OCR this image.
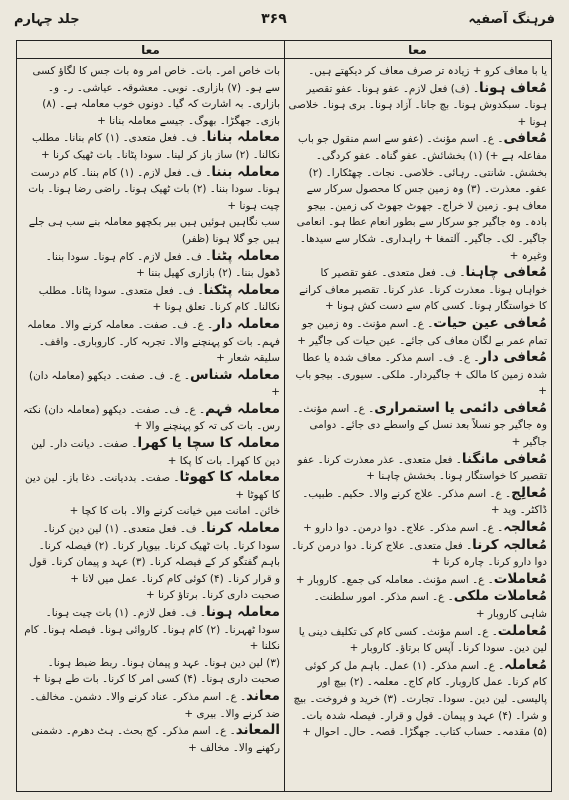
جلد چہارم	۳۶۹	فرہنگ آصفیہ
معا	معا

یا با معاف کرو + زیادہ تر صرف معاف کر دیکھتے ہیں۔

مُعاف ہونا۔ (ف) فعل لازم۔ عفو ہونا۔ عفو تقصیر ہونا۔ سبکدوش ہونا۔ بچ جانا۔ آزاد ہونا۔ بری ہونا۔ خلاصی ہونا +

مُعافی۔ ع۔ اسم مؤنث۔ (عفو سے اسم منقول جو باب مفاعلہ ہے +) (۱) بخشائش۔ عفو گناہ۔ عفو کردگی۔ بخشش۔ شانتی۔ رہائی۔ خلاصی۔ نجات۔ چھٹکارا۔ (۲) عفو۔ معذرت۔ (۳) وہ زمین جس کا محصول سرکار سے معاف ہو۔ زمین لا خراج۔ جھوٹ جھوٹ کی زمین۔ بیجو بادہ۔ وہ جاگیر جو سرکار سے بطور انعام عطا ہو۔ انعامی جاگیر۔ لک۔ جاگیر۔ آلتمغا + راہداری۔ شکار سے سیدھا۔ وغیرہ +

مُعافی چاہنا۔ ف۔ فعل متعدی۔ عفو تقصیر کا خواہاں ہونا۔ معذرت کرنا۔ عذر کرنا۔ تقصیر معاف کرانے کا خواستگار ہونا۔ کسی کام سے دست کش ہونا +

مُعافی عین حیات۔ ع۔ اسم مؤنث۔ وہ زمین جو تمام عمر بے لگان معاف کی جائے۔ عین حیات کی جاگیر +

مُعافی دار۔ ع۔ ف۔ اسم مذکر۔ معاف شدہ یا عطا شدہ زمین کا مالک + جاگیردار۔ ملکی۔ سیوری۔ بیجو باب +

مُعافی دائمی یا استمراری۔ ع۔ اسم مؤنث۔ وہ جاگیر جو نسلاً بعد نسل کے واسطے دی جائے۔ دوامی جاگیر +

مُعافی مانگنا۔ فعل متعدی۔ عذر معذرت کرنا۔ عفو تقصیر کا خواستگار ہونا۔ بخشش چاہنا +

مُعالِج۔ ع۔ اسم مذکر۔ علاج کرنے والا۔ حکیم۔ طبیب۔ ڈاکٹر۔ وید +

مُعالجہ۔ ع۔ اسم مذکر۔ علاج۔ دوا درمن۔ دوا دارو +

مُعالجہ کرنا۔ فعل متعدی۔ علاج کرنا۔ دوا درمن کرنا۔ دوا دارو کرنا۔ چارہ کرنا +

مُعاملات۔ ع۔ اسم مؤنث۔ معاملہ کی جمع۔ کاروبار +

مُعاملات ملکی۔ ع۔ اسم مذکر۔ امور سلطنت۔ شاہی کاروبار +

مُعاملت۔ ع۔ اسم مؤنث۔ کسی کام کی تکلیف دینی یا لین دین۔ سودا کرنا۔ آپس کا برتاؤ۔ کاروبار +

مُعاملہ۔ ع۔ اسم مذکر۔ (۱) عمل۔ باہم مل کر کوئی کام کرنا۔ عمل کاروبار۔ کام کاج۔ معلمہ۔ (۲) بیچ اور پالیسی۔ لین دین۔ سودا۔ تجارت۔ (۳) خرید و فروخت۔ بیچ و شرا۔ (۴) عہد و پیمان۔ قول و قرار۔ فیصلہ شدہ بات۔ (۵) مقدمہ۔ حساب کتاب۔ جھگڑا۔ قصہ۔ حال۔ احوال +

بات خاص امر۔ بات۔ خاص امر وہ بات جس کا لگاؤ کسی سے ہو۔ (۷) بازاری۔ نوبی۔ معشوقہ۔ عیاشی۔ ر۔ و۔ بازاری۔ بہ اشارت کہ گیا۔ دونوں خوب معاملہ ہے۔ (۸) بازی۔ جھگڑا۔ بھوگ۔ جیسے معاملہ بنانا +

معاملہ بنانا۔ ف۔ فعل متعدی۔ (۱) کام بنانا۔ مطلب نکالنا۔ (۲) ساز باز کر لینا۔ سودا پٹانا۔ بات ٹھیک کرنا +

معاملہ بننا۔ ف۔ فعل لازم۔ (۱) کام بننا۔ کام درست ہونا۔ سودا بننا۔ (۲) بات ٹھیک ہونا۔ راضی رضا ہونا۔ بات چیت ہونا +

سب نگاہیں ہوئیں ہیں بیر بکچھو معاملہ بنے سب ہی جلے ہیں جو گلا ہونا (ظفر)

معاملہ پٹنا۔ ف۔ فعل لازم۔ کام ہونا۔ سودا بننا۔ ڈھول بننا۔ (۲) بازاری کھیل بننا +

معاملہ پٹکنا۔ ف۔ فعل متعدی۔ سودا پٹانا۔ مطلب نکالنا۔ کام کرنا۔ تعلق ہونا +

معاملہ دار۔ ع۔ ف۔ صفت۔ معاملہ کرنے والا۔ معاملہ فہم۔ بات کو پہنچنے والا۔ تجربہ کار۔ کاروباری۔ واقف۔ سلیقہ شعار +

معاملہ شناس۔ ع۔ ف۔ صفت۔ دیکھو (معاملہ دان) +

معاملہ فہم۔ ع۔ ف۔ صفت۔ دیکھو (معاملہ دان) نکتہ رس۔ بات کی تہ کو پہنچنے والا +

معاملہ کا سچا یا کھرا۔ صفت۔ دیانت دار۔ لین دین کا کھرا۔ بات کا پکا +

معاملہ کا کھوٹا۔ صفت۔ بددیانت۔ دغا باز۔ لین دین کا کھوٹا +

خائن۔ امانت میں خیانت کرنے والا۔ بات کا کچا +

معاملہ کرنا۔ ف۔ فعل متعدی۔ (۱) لین دین کرنا۔ سودا کرنا۔ بات ٹھیک کرنا۔ بیوپار کرنا۔ (۲) فیصلہ کرنا۔ باہم گفتگو کر کے فیصلہ کرنا۔ (۳) عہد و پیمان کرنا۔ قول و قرار کرنا۔ (۴) کوئی کام کرنا۔ عمل میں لانا +

صحبت داری کرنا۔ برتاؤ کرنا +

معاملہ ہونا۔ ف۔ فعل لازم۔ (۱) بات چیت ہونا۔ سودا ٹھہرنا۔ (۲) کام ہونا۔ کاروائی ہونا۔ فیصلہ ہونا۔ کام نکلنا +

(۳) لین دین ہونا۔ عہد و پیمان ہونا۔ ربط ضبط ہونا۔ صحبت داری ہونا۔ (۴) کسی امر کا کرنا۔ بات طے ہونا +

معاند۔ ع۔ اسم مذکر۔ عناد کرنے والا۔ دشمن۔ مخالف۔ ضد کرنے والا۔ بیری +

المعاند۔ ع۔ اسم مذکر۔ کج بحث۔ ہٹ دھرم۔ دشمنی رکھنے والا۔ مخالف +
